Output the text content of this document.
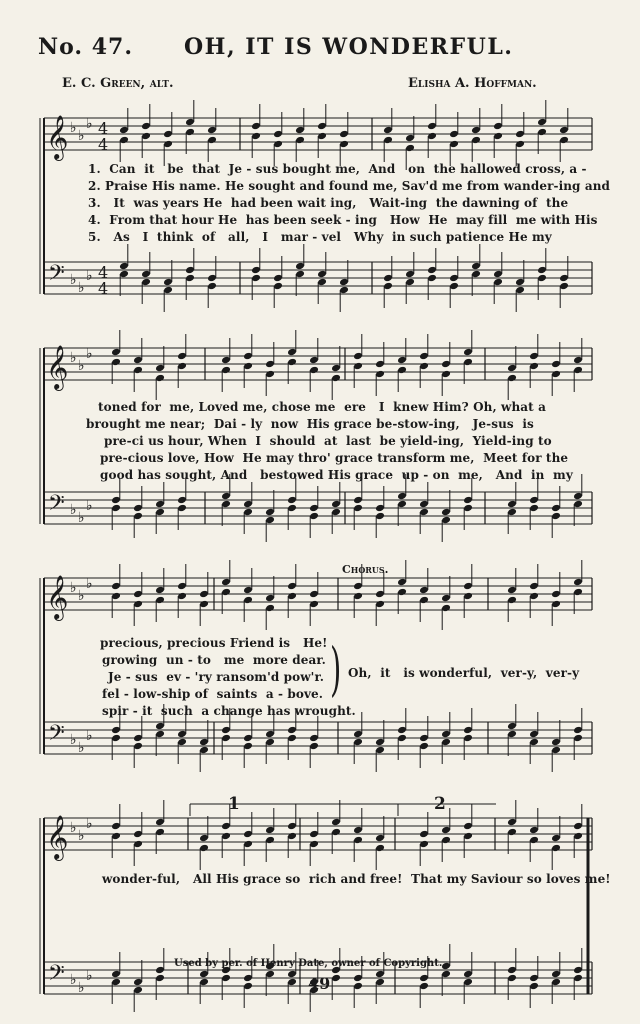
No. 47. OH, IT IS WONDERFUL.
E. C. Green, alt.	Elisha A. Hoffman.
𝄞
𝄢
♭ ♭
♭
♭ ♭
♭
4
4
4
4
𝄞
𝄢
♭ ♭
♭
♭ ♭
♭
𝄞
𝄢
♭ ♭
♭
♭ ♭
♭
𝄞
𝄢
♭ ♭
♭
♭ ♭
♭
1.  Can  it   be  that  Je - sus bought me,  And   on  the hallowed cross, a -
2. Praise His name. He sought and found me, Sav'd me from wander-ing and
3.   It  was years He  had been wait ing,   Wait-ing  the dawning of  the
4.  From that hour He  has been seek - ing   How  He  may fill  me with His
5.   As   I  think  of   all,   I   mar - vel   Why  in such patience He my
toned for  me, Loved me, chose me  ere   I  knew Him? Oh, what a
brought me near;  Dai - ly  now  His grace be-stow-ing,   Je-sus  is
pre-ci us hour, When  I  should  at  last  be yield-ing,  Yield-ing to
pre-cious love, How  He may thro' grace transform me,  Meet for the
good has sought, And   bestowed His grace  up - on  me,   And  in  my
precious, precious Friend is   He!
growing  un - to   me  more dear.
Je - sus  ev - 'ry ransom'd pow'r.
fel - low-ship of  saints  a - bove.
spir - it  such  a change has wrought.
)
Chorus.
Oh,  it   is wonderful,  ver-y,  ver-y
1	2
wonder-ful,   All His grace so  rich and free!  That my Saviour so loves me!
Used by per. of Henry Date, owner of Copyright.
49
